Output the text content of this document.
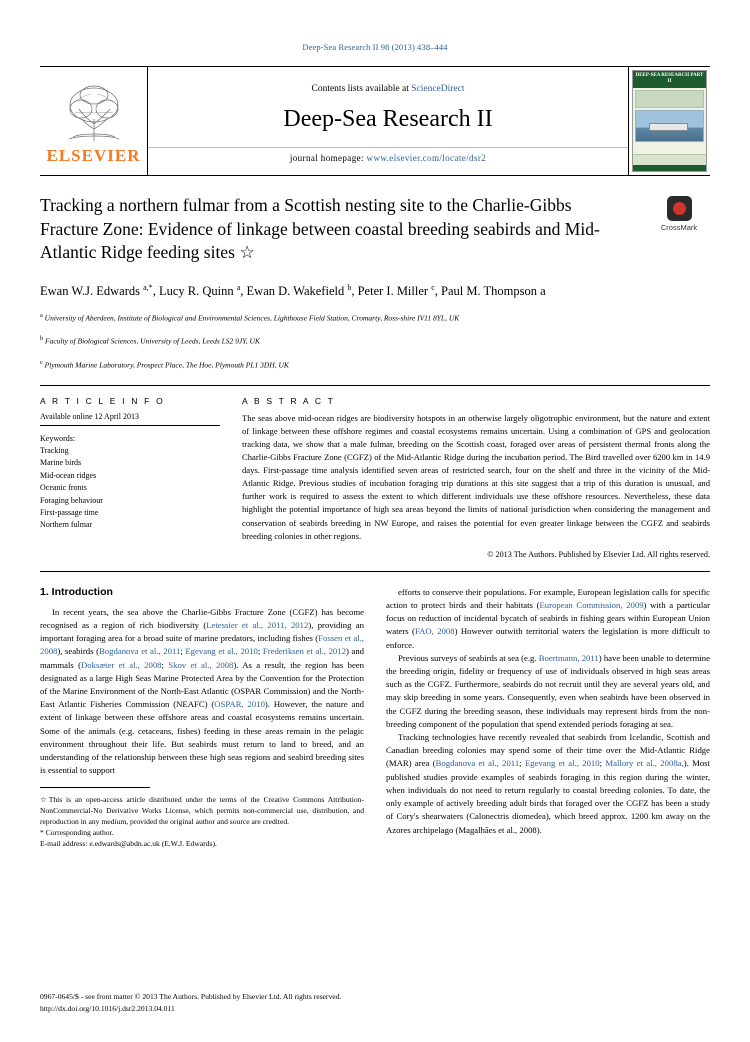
Deep-Sea Research II 98 (2013) 438–444
ELSEVIER
Contents lists available at ScienceDirect
Deep-Sea Research II
journal homepage: www.elsevier.com/locate/dsr2
DEEP-SEA RESEARCH PART II
Tracking a northern fulmar from a Scottish nesting site to the Charlie-Gibbs Fracture Zone: Evidence of linkage between coastal breeding seabirds and Mid-Atlantic Ridge feeding sites ☆
CrossMark
Ewan W.J. Edwards $^{a,*}$, Lucy R. Quinn $^a$, Ewan D. Wakefield $^b$, Peter I. Miller $^c$, Paul M. Thompson a
$^a$ University of Aberdeen, Institute of Biological and Environmental Sciences, Lighthouse Field Station, Cromarty, Ross-shire IV11 8YL, UK
$^b$ Faculty of Biological Sciences, University of Leeds, Leeds LS2 9JY, UK
$^c$ Plymouth Marine Laboratory, Prospect Place, The Hoe, Plymouth PL1 3DH, UK
A R T I C L E I N F O
Available online 12 April 2013
Keywords:
Tracking
Marine birds
Mid-ocean ridges
Oceanic fronts
Foraging behaviour
First-passage time
Northern fulmar
A B S T R A C T
The seas above mid-ocean ridges are biodiversity hotspots in an otherwise largely oligotrophic environment, but the nature and extent of linkage between these offshore regimes and coastal ecosystems remains uncertain. Using a combination of GPS and geolocation tracking data, we show that a male fulmar, breeding on the Scottish coast, foraged over areas of persistent thermal fronts along the Charlie-Gibbs Fracture Zone (CGFZ) of the Mid-Atlantic Ridge during the incubation period. The Bird travelled over 6200 km in 14.9 days. First-passage time analysis identified seven areas of restricted search, four on the shelf and three in the vicinity of the Mid-Atlantic Ridge. Previous studies of incubation foraging trip durations at this site suggest that a trip of this duration is unusual, and further work is required to assess the extent to which different individuals use these offshore resources. Nevertheless, these data highlight the potential importance of high sea areas beyond the limits of national jurisdiction when considering the management and conservation of seabirds breeding in NW Europe, and raises the potential for even greater linkage between the CGFZ and seabirds breeding colonies in other regions.
© 2013 The Authors. Published by Elsevier Ltd. All rights reserved.
1. Introduction

In recent years, the sea above the Charlie-Gibbs Fracture Zone (CGFZ) has become recognised as a region of rich biodiversity (Letessier et al., 2011, 2012), providing an important foraging area for a broad suite of marine predators, including fishes (Fossen et al., 2008), seabirds (Bogdanova et al., 2011; Egevang et al., 2010; Frederiksen et al., 2012) and mammals (Doksæter et al., 2008; Skov et al., 2008). As a result, the region has been designated as a large High Seas Marine Protected Area by the Convention for the Protection of the Marine Environment of the North-East Atlantic (OSPAR Commission) and the North-East Atlantic Fisheries Commission (NEAFC) (OSPAR, 2010). However, the nature and extent of linkage between these offshore areas and coastal ecosystems remains uncertain. Some of the animals (e.g. cetaceans, fishes) feeding in these areas remain in the pelagic environment throughout their life. But seabirds must return to land to breed, and an understanding of the relationship between these high seas regions and seabird breeding sites is essential to support

☆This is an open-access article distributed under the terms of the Creative Commons Attribution-NonCommercial-No Derivative Works License, which permits non-commercial use, distribution, and reproduction in any medium, provided the original author and source are credited.
* Corresponding author.
E-mail address: e.edwards@abdn.ac.uk (E.W.J. Edwards).

efforts to conserve their populations. For example, European legislation calls for specific action to protect birds and their habitats (European Commission, 2009) with a particular focus on reduction of incidental bycatch of seabirds in fishing gears within European Union waters (FAO, 2008) However outwith territorial waters the legislation is more difficult to enforce.

Previous surveys of seabirds at sea (e.g. Boertmann, 2011) have been unable to determine the breeding origin, fidelity or frequency of use of individuals observed in high seas areas such as the CGFZ. Furthermore, seabirds do not recruit until they are several years old, and may skip breeding in some years. Consequently, even when seabirds have been observed in the CGFZ during the breeding season, these individuals may represent birds from the non-breeding component of the population that spend extended periods foraging at sea.

Tracking technologies have recently revealed that seabirds from Icelandic, Scottish and Canadian breeding colonies may spend some of their time over the Mid-Atlantic Ridge (MAR) area (Bogdanova et al., 2011; Egevang et al., 2010; Mallory et al., 2008a,). Most published studies provide examples of seabirds foraging in this region during the winter, when individuals do not need to return regularly to coastal breeding colonies. To date, the only example of actively breeding adult birds that foraged over the CGFZ has been a study of Cory's shearwaters (Calonectris diomedea), which breed approx. 1200 km away on the Azores archipelago (Magalhães et al., 2008).

0967-0645/$ - see front matter © 2013 The Authors. Published by Elsevier Ltd. All rights reserved.
http://dx.doi.org/10.1016/j.dsr2.2013.04.011
